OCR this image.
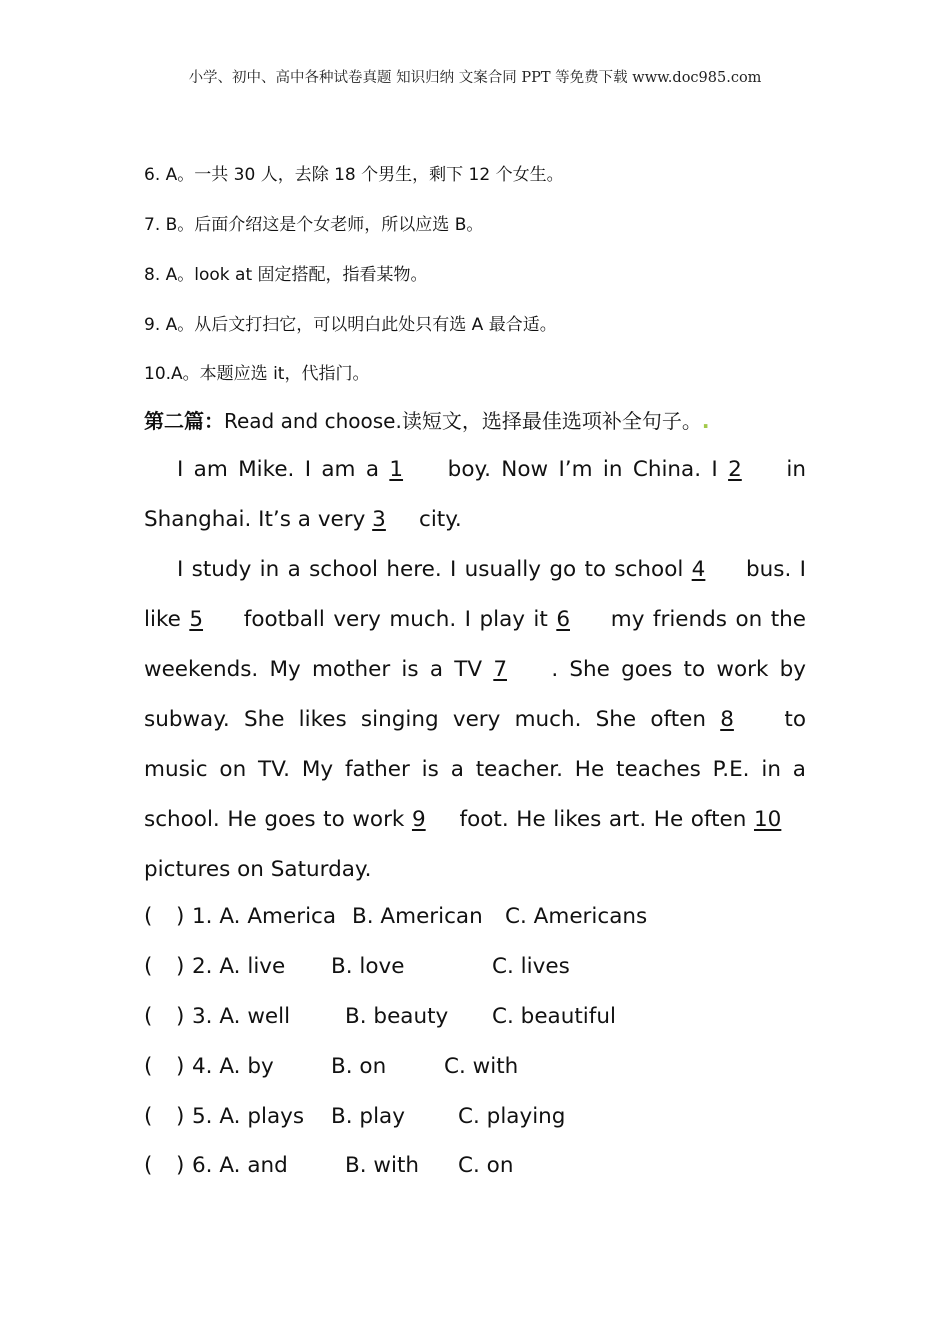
小学、初中、高中各种试卷真题 知识归纳 文案合同 PPT 等免费下载 www.doc985.com
6. A。一共 30 人，去除 18 个男生，剩下 12 个女生。
7. B。后面介绍这是个女老师，所以应选 B。
8. A。look at 固定搭配，指看某物。
9. A。从后文打扫它，可以明白此处只有选 A 最合适。
10.A。本题应选 it，代指门。
第二篇：Read and choose.读短文，选择最佳选项补全句子。.
I am Mike. I am a 1 boy. Now I’m in China. I 2 in Shanghai. It’s a very 3 city.
I study in a school here. I usually go to school 4 bus. I like 5 football very much. I play it 6 my friends on the weekends. My mother is a TV 7 . She goes to work by subway. She likes singing very much. She often 8 to music on TV. My father is a teacher. He teaches P.E. in a school. He goes to work 9 foot. He likes art. He often 10 pictures on Saturday.
( ) 1. A. America B. American C. Americans
( ) 2. A. live B. love	C. lives
( ) 3. A. well	B. beauty C. beautiful
( ) 4. A. by	B. on	C. with
( ) 5. A. plays B. play C. playing
( ) 6. A. and	B. with C. on
